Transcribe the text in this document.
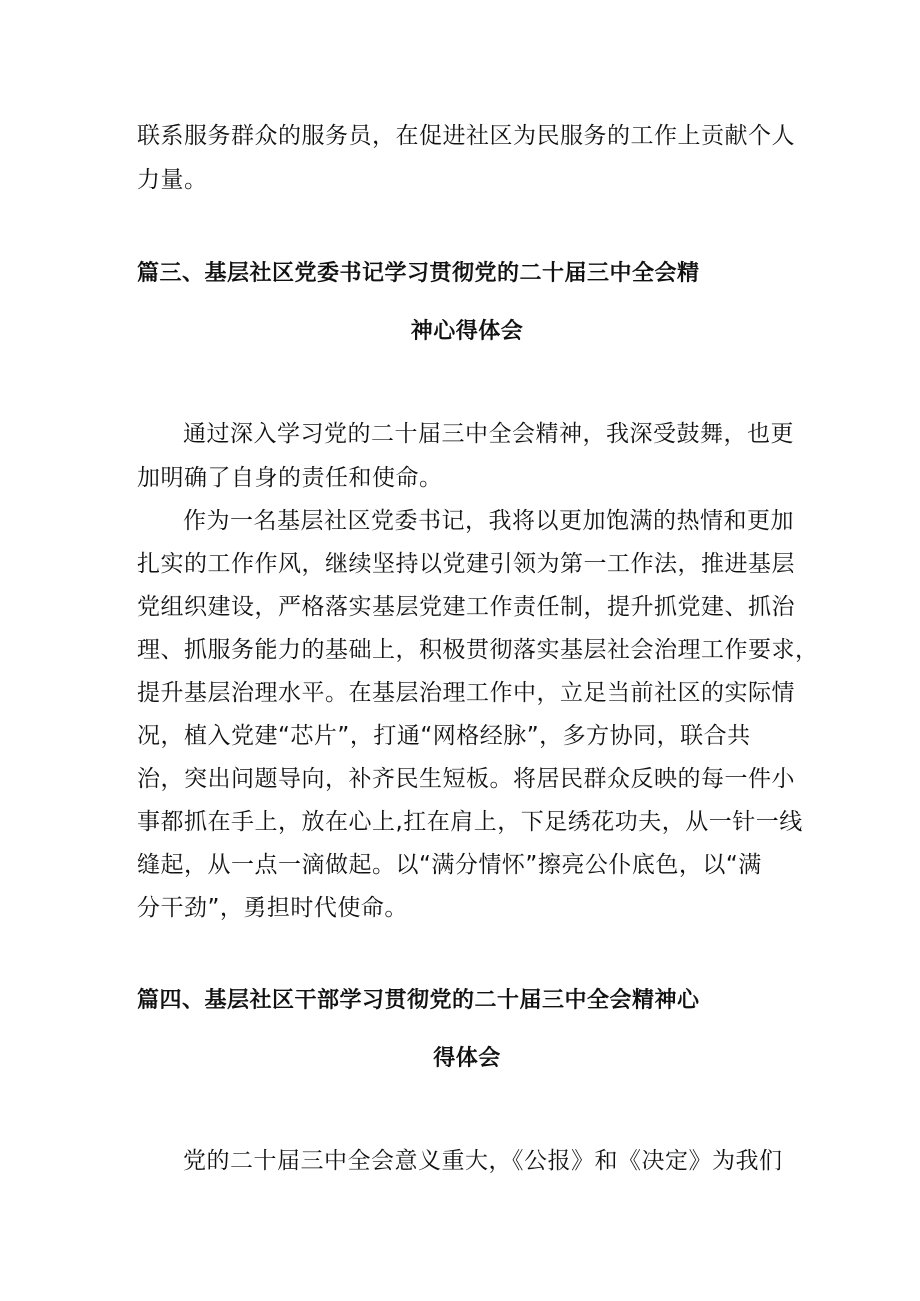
联系服务群众的服务员，在促进社区为民服务的工作上贡献个人
力量。
篇三、基层社区党委书记学习贯彻党的二十届三中全会精
神心得体会
通过深入学习党的二十届三中全会精神，我深受鼓舞，也更
加明确了自身的责任和使命。
作为一名基层社区党委书记，我将以更加饱满的热情和更加
扎实的工作作风，继续坚持以党建引领为第一工作法，推进基层
党组织建设，严格落实基层党建工作责任制，提升抓党建、抓治
理、抓服务能力的基础上，积极贯彻落实基层社会治理工作要求，
提升基层治理水平。在基层治理工作中，立足当前社区的实际情
况，植入党建“芯片”，打通“网格经脉”，多方协同，联合共
治，突出问题导向，补齐民生短板。将居民群众反映的每一件小
事都抓在手上，放在心上,扛在肩上，下足绣花功夫，从一针一线
缝起，从一点一滴做起。以“满分情怀”擦亮公仆底色，以“满
分干劲”，勇担时代使命。
篇四、基层社区干部学习贯彻党的二十届三中全会精神心
得体会
党的二十届三中全会意义重大，《公报》和《决定》为我们
